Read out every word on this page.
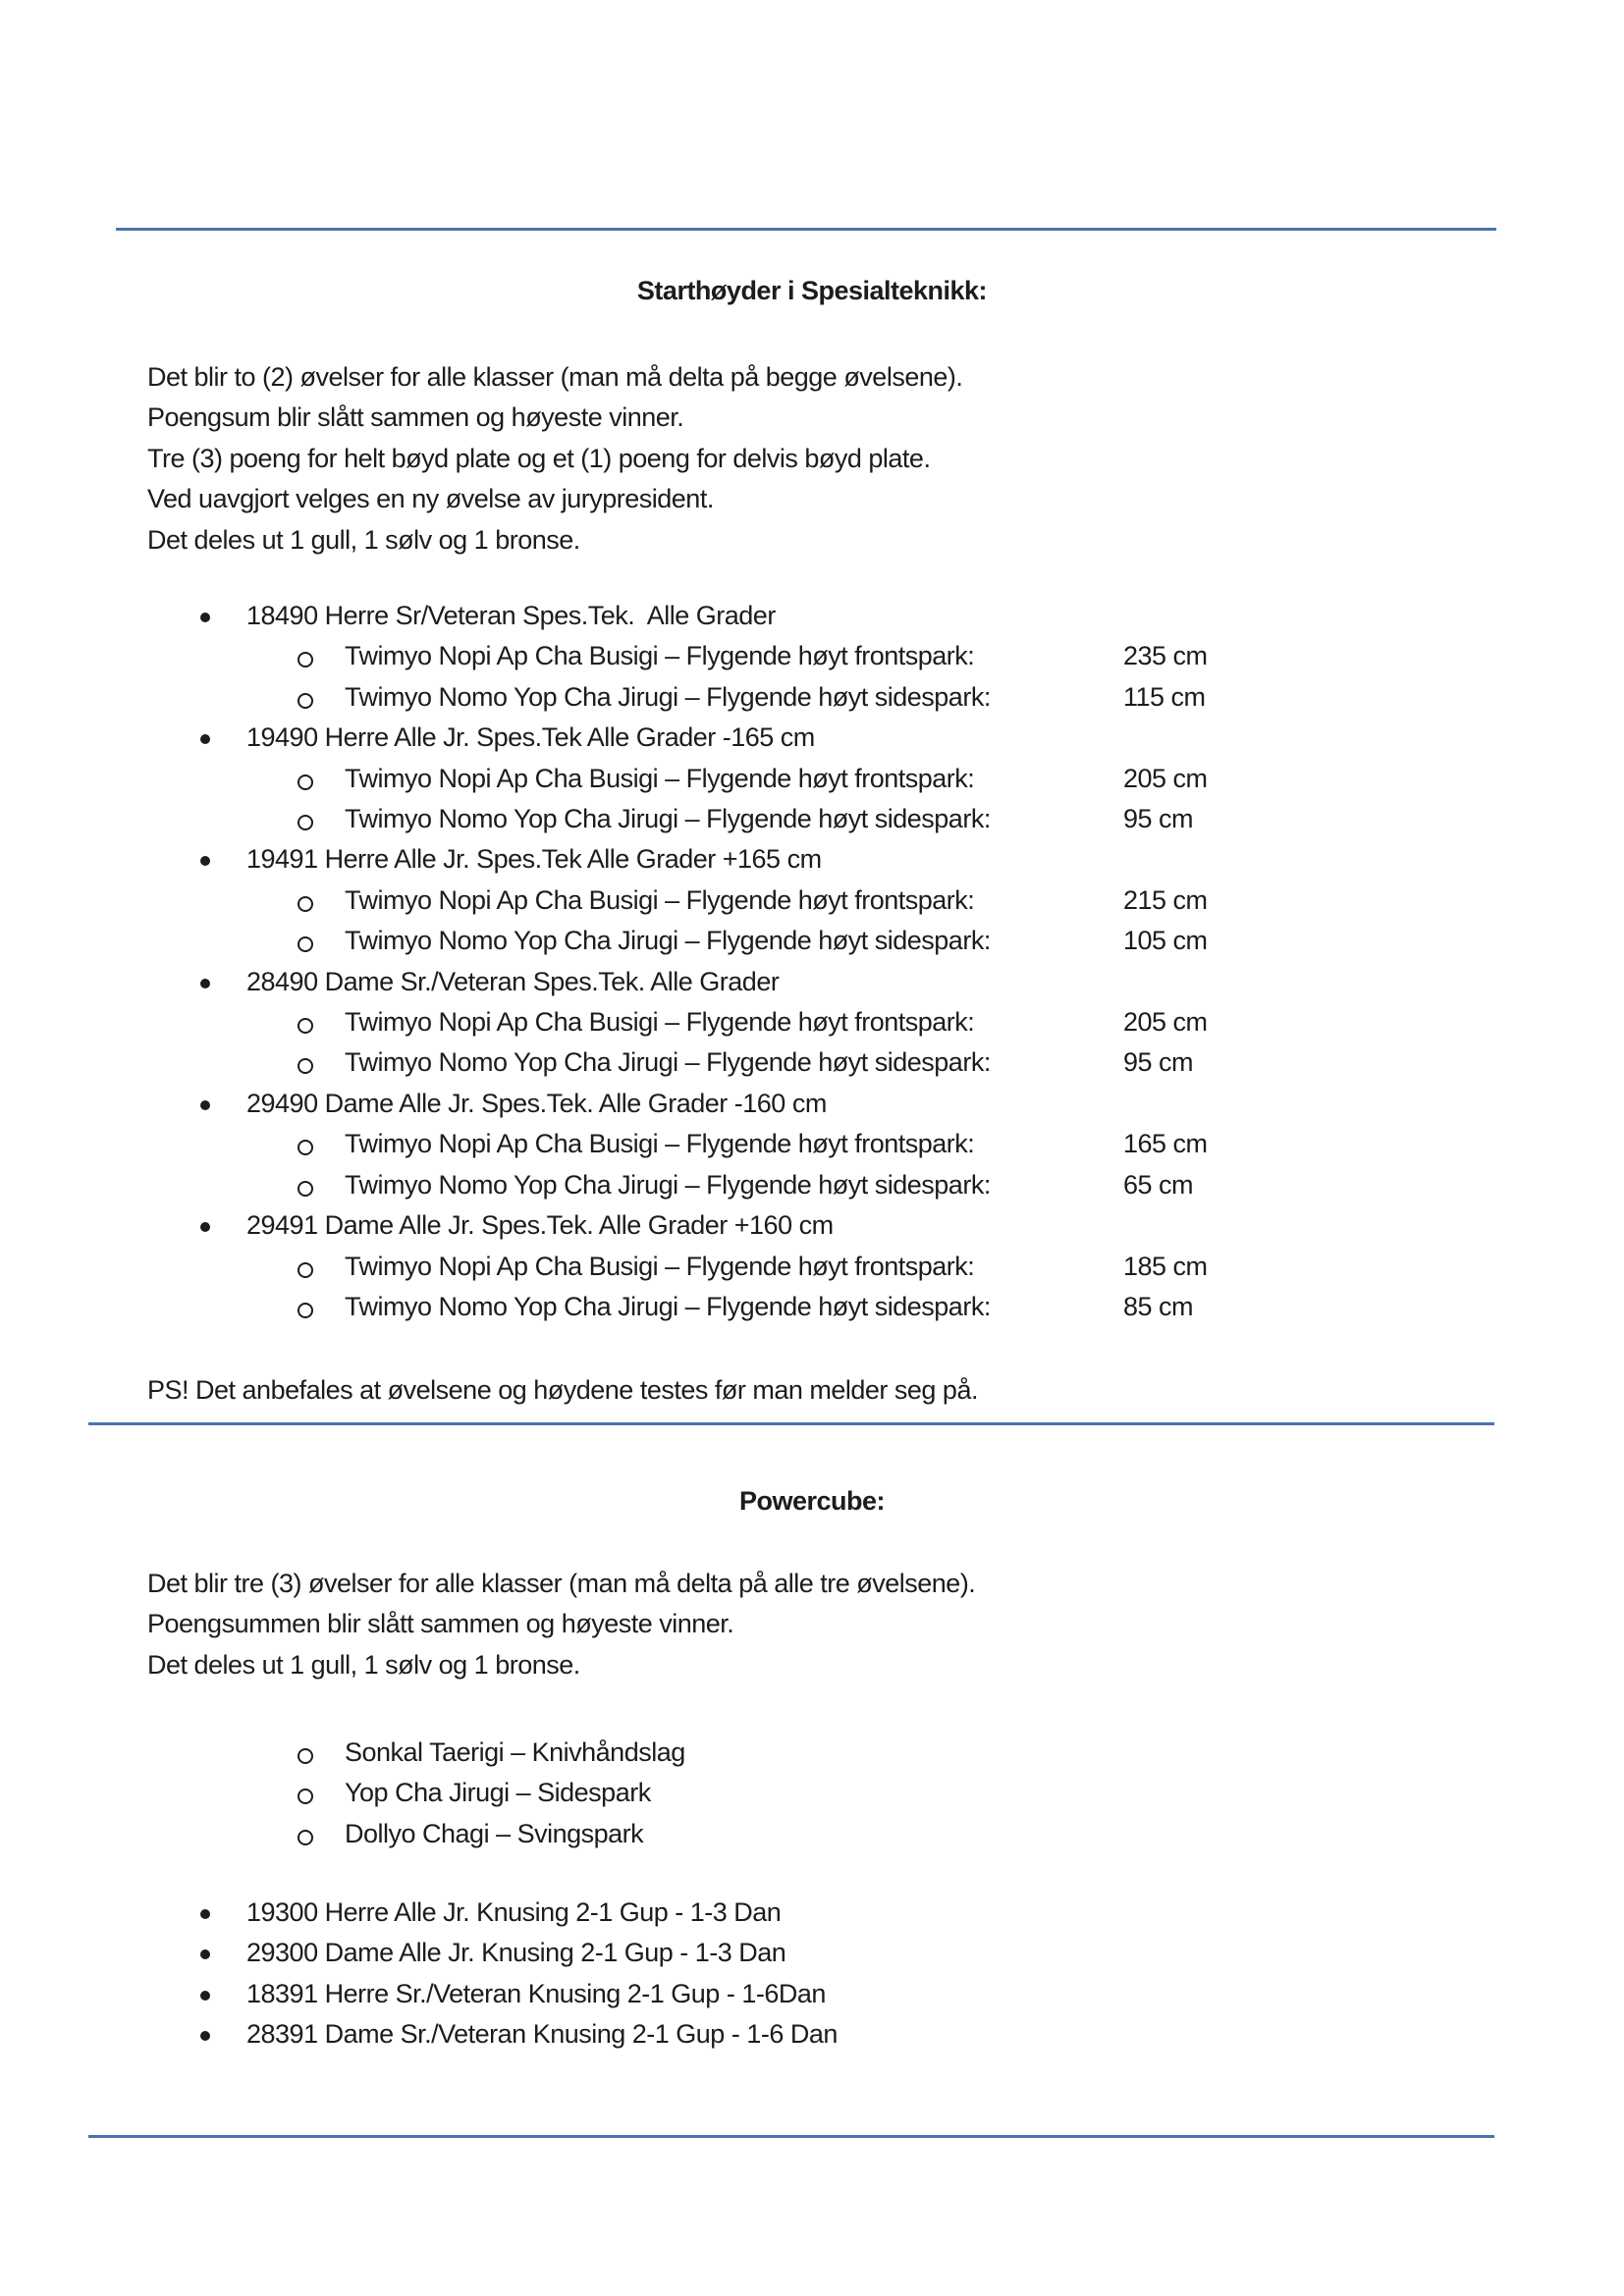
Starthøyder i Spesialteknikk:
Det blir to (2) øvelser for alle klasser (man må delta på begge øvelsene).
Poengsum blir slått sammen og høyeste vinner.
Tre (3) poeng for helt bøyd plate og et (1) poeng for delvis bøyd plate.
Ved uavgjort velges en ny øvelse av jurypresident.
Det deles ut 1 gull, 1 sølv og 1 bronse.
18490 Herre Sr/Veteran Spes.Tek.  Alle Grader
Twimyo Nopi Ap Cha Busigi – Flygende høyt frontspark:	235 cm
Twimyo Nomo Yop Cha Jirugi – Flygende høyt sidespark:	115 cm
19490 Herre Alle Jr. Spes.Tek Alle Grader -165 cm
Twimyo Nopi Ap Cha Busigi – Flygende høyt frontspark:	205 cm
Twimyo Nomo Yop Cha Jirugi – Flygende høyt sidespark:	95 cm
19491 Herre Alle Jr. Spes.Tek Alle Grader +165 cm
Twimyo Nopi Ap Cha Busigi – Flygende høyt frontspark:	215 cm
Twimyo Nomo Yop Cha Jirugi – Flygende høyt sidespark:	105 cm
28490 Dame Sr./Veteran Spes.Tek. Alle Grader
Twimyo Nopi Ap Cha Busigi – Flygende høyt frontspark:	205 cm
Twimyo Nomo Yop Cha Jirugi – Flygende høyt sidespark:	95 cm
29490 Dame Alle Jr. Spes.Tek. Alle Grader -160 cm
Twimyo Nopi Ap Cha Busigi – Flygende høyt frontspark:	165 cm
Twimyo Nomo Yop Cha Jirugi – Flygende høyt sidespark:	65 cm
29491 Dame Alle Jr. Spes.Tek. Alle Grader +160 cm
Twimyo Nopi Ap Cha Busigi – Flygende høyt frontspark:	185 cm
Twimyo Nomo Yop Cha Jirugi – Flygende høyt sidespark:	85 cm
PS! Det anbefales at øvelsene og høydene testes før man melder seg på.
Powercube:
Det blir tre (3) øvelser for alle klasser (man må delta på alle tre øvelsene).
Poengsummen blir slått sammen og høyeste vinner.
Det deles ut 1 gull, 1 sølv og 1 bronse.
Sonkal Taerigi – Knivhåndslag
Yop Cha Jirugi – Sidespark
Dollyo Chagi – Svingspark
19300 Herre Alle Jr. Knusing 2-1 Gup - 1-3 Dan
29300 Dame Alle Jr. Knusing 2-1 Gup - 1-3 Dan
18391 Herre Sr./Veteran Knusing 2-1 Gup - 1-6Dan
28391 Dame Sr./Veteran Knusing 2-1 Gup - 1-6 Dan
